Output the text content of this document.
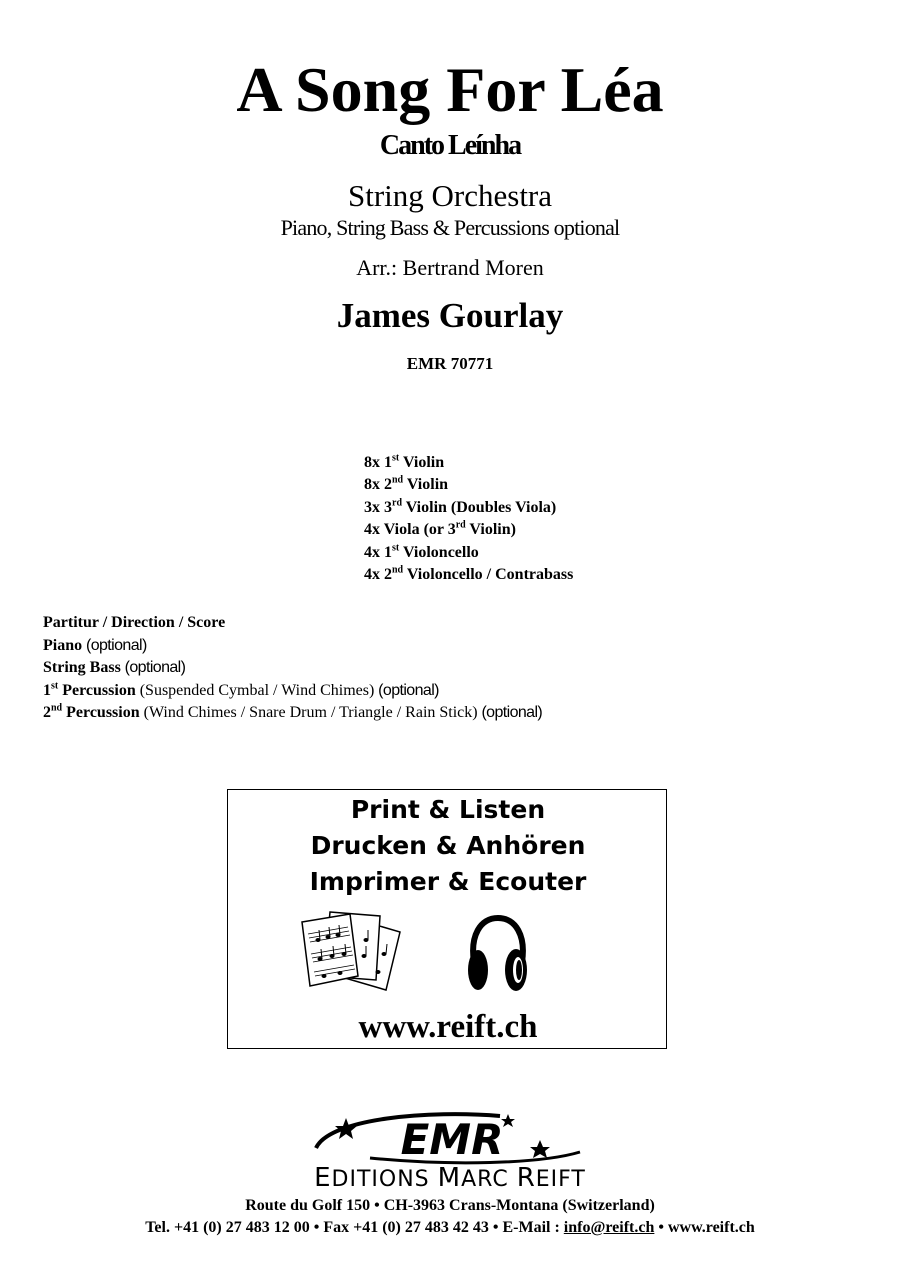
A Song For Léa
Canto Leínha
String Orchestra
Piano, String Bass & Percussions optional
Arr.: Bertrand Moren
James Gourlay
EMR 70771
8x 1st Violin
8x 2nd Violin
3x 3rd Violin (Doubles Viola)
4x Viola (or 3rd Violin)
4x 1st Violoncello
4x 2nd Violoncello / Contrabass
Partitur / Direction / Score
Piano (optional)
String Bass (optional)
1st Percussion (Suspended Cymbal / Wind Chimes) (optional)
2nd Percussion (Wind Chimes / Snare Drum / Triangle / Rain Stick) (optional)
Print & Listen
Drucken & Anhören
Imprimer & Ecouter
www.reift.ch
EMR
EDITIONS MARC REIFT
Route du Golf 150 • CH-3963 Crans-Montana (Switzerland)
Tel. +41 (0) 27 483 12 00 • Fax +41 (0) 27 483 42 43 • E-Mail : info@reift.ch • www.reift.ch
